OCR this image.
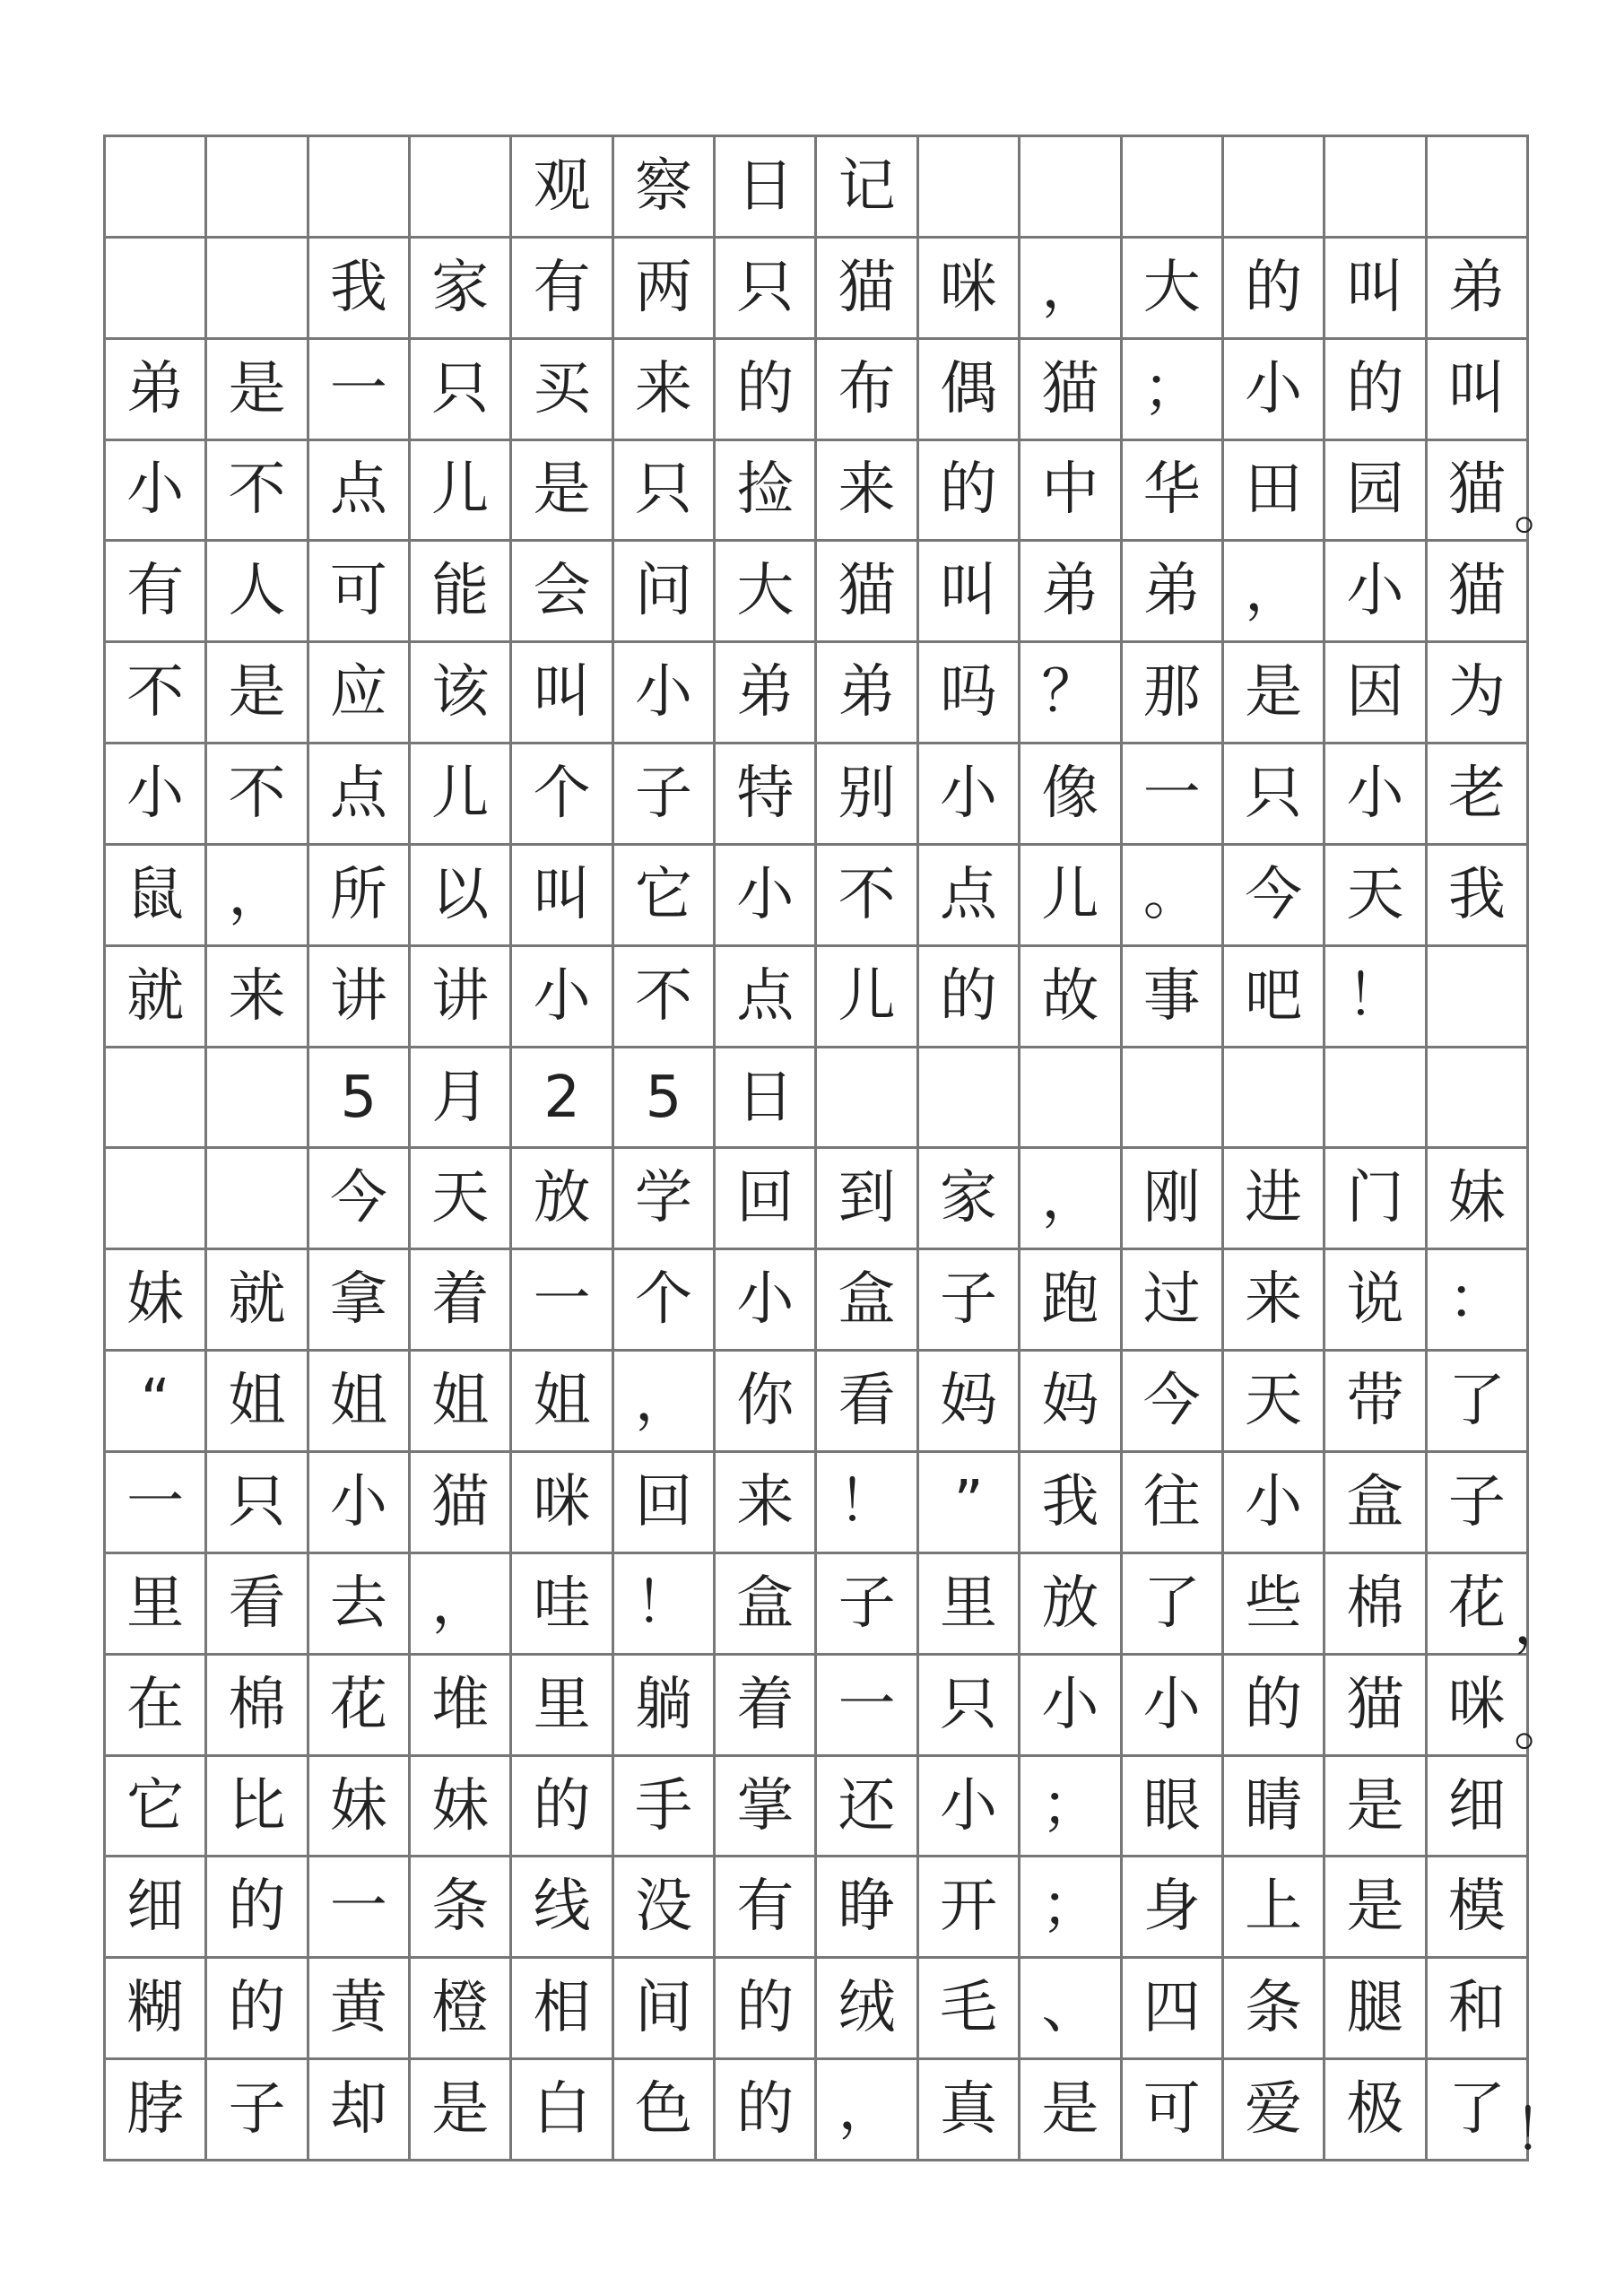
观 察 日 记
我 家 有 两 只 猫 咪 ， 大 的 叫 弟
弟 是 一 只 买 来 的 布 偶 猫 ； 小 的 叫
小 不 点 儿 是 只 捡 来 的 中 华 田 园 猫
有 人 可 能 会 问 大 猫 叫 弟 弟 ， 小 猫
不 是 应 该 叫 小 弟 弟 吗 ？ 那 是 因 为
小 不 点 儿 个 子 特 别 小 像 一 只 小 老
鼠 ， 所 以 叫 它 小 不 点 儿 。 今 天 我
就 来 讲 讲 小 不 点 儿 的 故 事 吧 ！
5 月 2 5 日
今 天 放 学 回 到 家 ， 刚 进 门 妹
妹 就 拿 着 一 个 小 盒 子 跑 过 来 说 ：
“ 姐 姐 姐 姐 ， 你 看 妈 妈 今 天 带 了
一 只 小 猫 咪 回 来 ！ ” 我 往 小 盒 子
里 看 去 ， 哇 ！ 盒 子 里 放 了 些 棉 花
在 棉 花 堆 里 躺 着 一 只 小 小 的 猫 咪
它 比 妹 妹 的 手 掌 还 小 ； 眼 睛 是 细
细 的 一 条 线 没 有 睁 开 ； 身 上 是 模
糊 的 黄 橙 相 间 的 绒 毛 、 四 条 腿 和
脖 子 却 是 白 色 的 ， 真 是 可 爱 极 了
。
，
。
！
